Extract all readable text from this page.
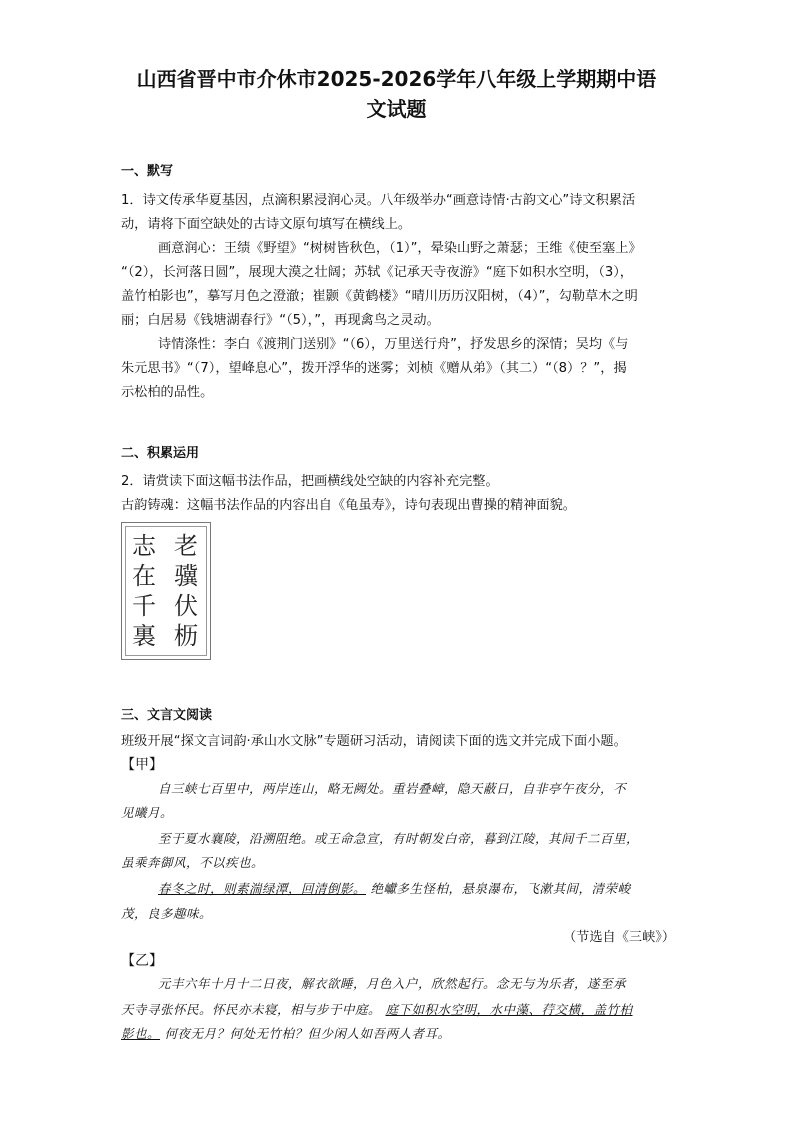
山西省晋中市介休市2025-2026学年八年级上学期期中语
文试题
一、默写
1．诗文传承华夏基因，点滴积累浸润心灵。八年级举办“画意诗情·古韵文心”诗文积累活
动，请将下面空缺处的古诗文原句填写在横线上。
画意润心：王绩《野望》“树树皆秋色，（1）”，晕染山野之萧瑟；王维《使至塞上》
“（2），长河落日圆”，展现大漠之壮阔；苏轼《记承天寺夜游》“庭下如积水空明，（3），
盖竹柏影也”，摹写月色之澄澈；崔颢《黄鹤楼》“晴川历历汉阳树，（4）”，勾勒草木之明
丽；白居易《钱塘湖春行》“（5），”，再现禽鸟之灵动。
诗情涤性：李白《渡荆门送别》“（6），万里送行舟”，抒发思乡的深情；吴均《与
朱元思书》“（7），望峰息心”，拨开浮华的迷雾；刘桢《赠从弟》（其二）“（8）？”，揭
示松柏的品性。
二、积累运用
2．请赏读下面这幅书法作品，把画横线处空缺的内容补充完整。
古韵铸魂：这幅书法作品的内容出自《龟虽寿》，诗句表现出曹操的精神面貌。
老
骥
伏
枥
志
在
千
裏
三、文言文阅读
班级开展“探文言词韵·承山水文脉”专题研习活动，请阅读下面的选文并完成下面小题。
【甲】
自三峡七百里中，两岸连山，略无阙处。重岩叠嶂，隐天蔽日，自非亭午夜分，不
见曦月。
至于夏水襄陵，沿溯阻绝。或王命急宣，有时朝发白帝，暮到江陵，其间千二百里，
虽乘奔御风，不以疾也。
春冬之时，则素湍绿潭，回清倒影。 绝巘多生怪柏，悬泉瀑布，飞漱其间，清荣峻
茂，良多趣味。
（节选自《三峡》）
【乙】
元丰六年十月十二日夜，解衣欲睡，月色入户，欣然起行。念无与为乐者，遂至承
天寺寻张怀民。怀民亦未寝，相与步于中庭。 庭下如积水空明，水中藻、荇交横，盖竹柏
影也。 何夜无月？何处无竹柏？但少闲人如吾两人者耳。
